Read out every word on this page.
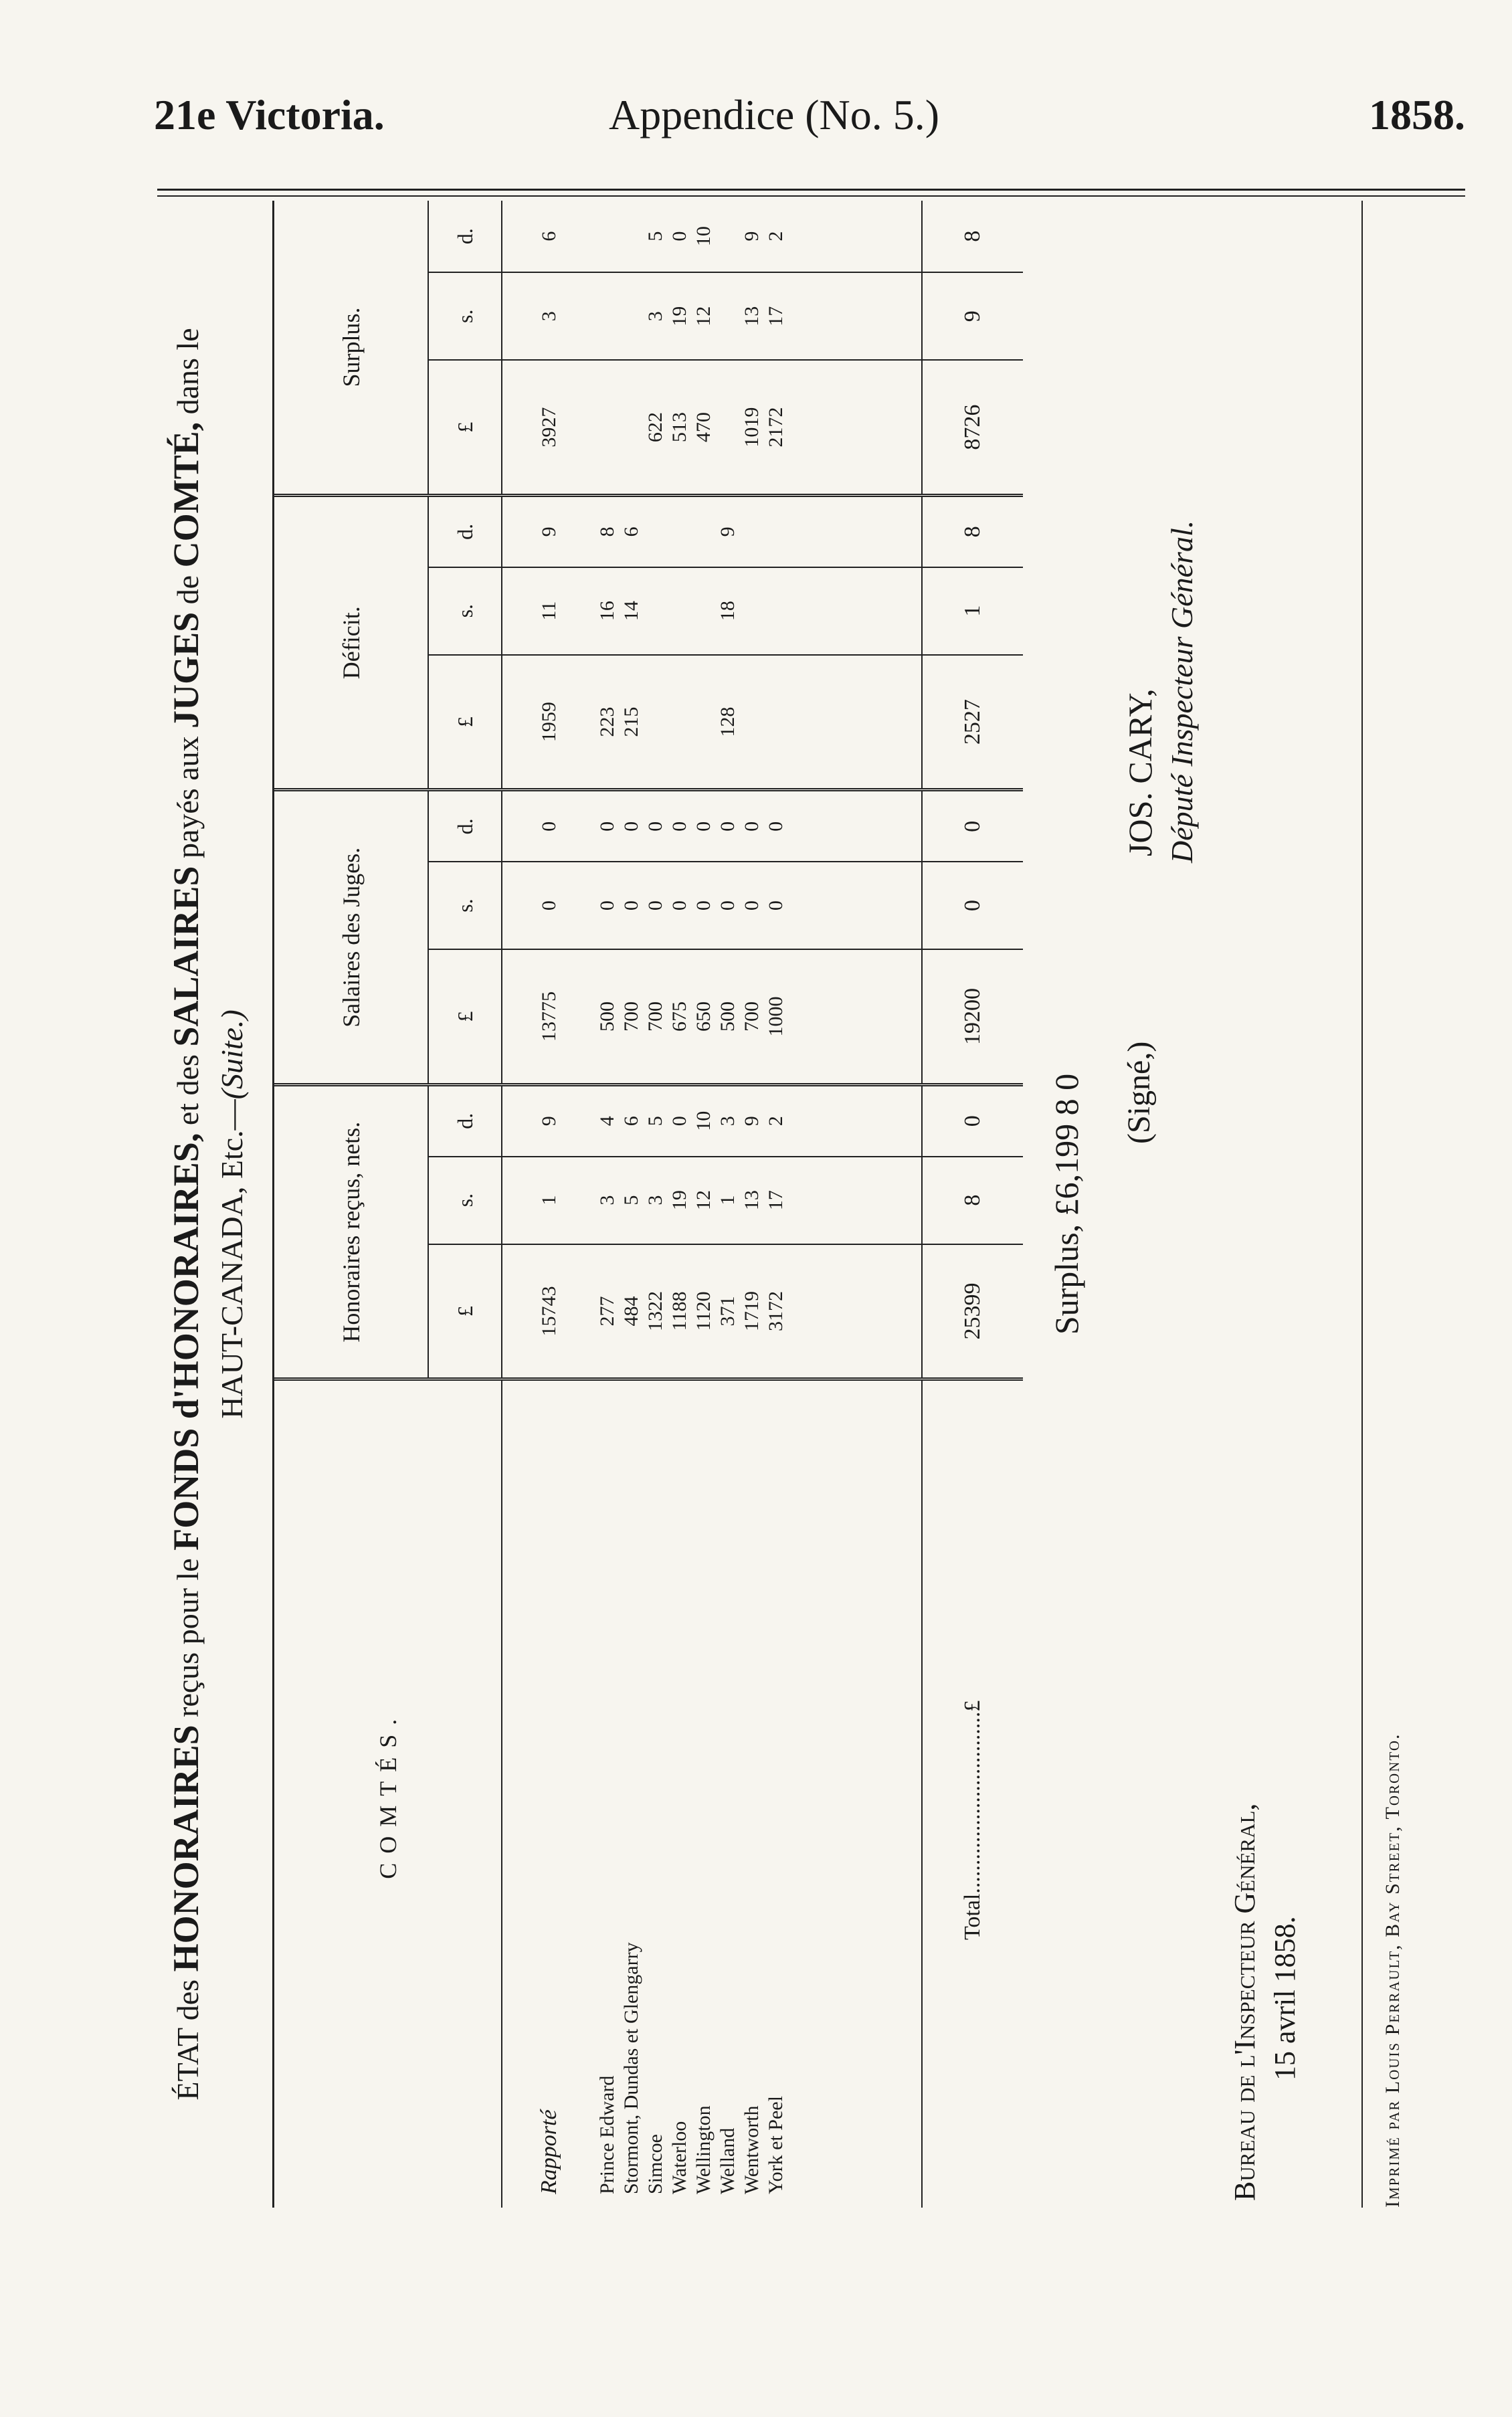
21e Victoria.	Appendice (No. 5.)	1858.
ÉTAT des HONORAIRES reçus pour le FONDS d'HONORAIRES, et des SALAIRES payés aux JUGES de COMTÉ, dans le
HAUT-CANADA, Etc.—(Suite.)
COMTÉS.	Honoraires reçus, nets.			Salaires des Juges.			Déficit.			Surplus.		
	£	s.	d.	£	s.	d.	£	s.	d.	£	s.	d.
Rapporté	15743	1	9	13775	0	0	1959	11	9	3927	3	6
Prince Edward	277	3	4	500	0	0	223	16	8			
Stormont, Dundas et Glengarry	484	5	6	700	0	0	215	14	6			
Simcoe	1322	3	5	700	0	0				622	3	5
Waterloo	1188	19	0	675	0	0				513	19	0
Wellington	1120	12	10	650	0	0				470	12	10
Welland	371	1	3	500	0	0	128	18	9			
Wentworth	1719	13	9	700	0	0				1019	13	9
York et Peel	3172	17	2	1000	0	0				2172	17	2

Total................................£	25399	8	0	19200	0	0	2527	1	8	8726	9	8
Surplus, £6,199 8 0 (Signé,)
JOS. CARY, Député Inspecteur Général.
Bureau de l'Inspecteur Général, 15 avril 1858.	Imprimé par Louis Perrault, Bay Street, Toronto.
